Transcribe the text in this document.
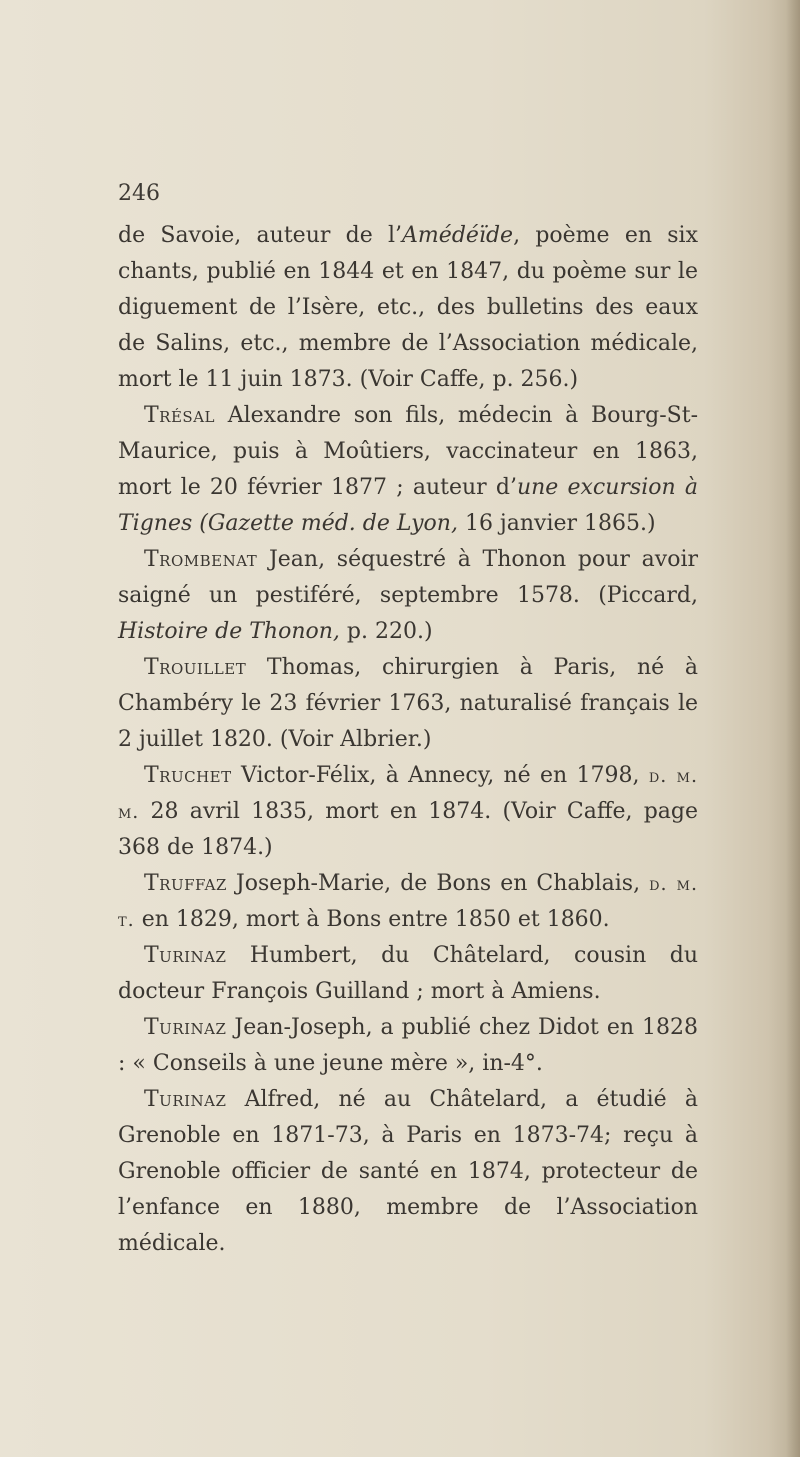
246

de Savoie, auteur de l’Amédéïde, poème en six chants, publié en 1844 et en 1847, du poème sur le diguement de l’Isère, etc., des bulletins des eaux de Salins, etc., membre de l’Association médicale, mort le 11 juin 1873. (Voir Caffe, p. 256.)

Trésal Alexandre son fils, médecin à Bourg-St-Maurice, puis à Moûtiers, vaccinateur en 1863, mort le 20 février 1877 ; auteur d’une excursion à Tignes (Gazette méd. de Lyon, 16 janvier 1865.)

Trombenat Jean, séquestré à Thonon pour avoir saigné un pestiféré, septembre 1578. (Piccard, Histoire de Thonon, p. 220.)

Trouillet Thomas, chirurgien à Paris, né à Chambéry le 23 février 1763, naturalisé français le 2 juillet 1820. (Voir Albrier.)

Truchet Victor-Félix, à Annecy, né en 1798, d. m. m. 28 avril 1835, mort en 1874. (Voir Caffe, page 368 de 1874.)

Truffaz Joseph-Marie, de Bons en Chablais, d. m. t. en 1829, mort à Bons entre 1850 et 1860.

Turinaz Humbert, du Châtelard, cousin du docteur François Guilland ; mort à Amiens.

Turinaz Jean-Joseph, a publié chez Didot en 1828 : « Conseils à une jeune mère », in-4°.

Turinaz Alfred, né au Châtelard, a étudié à Grenoble en 1871-73, à Paris en 1873-74; reçu à Grenoble officier de santé en 1874, protecteur de l’enfance en 1880, membre de l’Association médicale.
